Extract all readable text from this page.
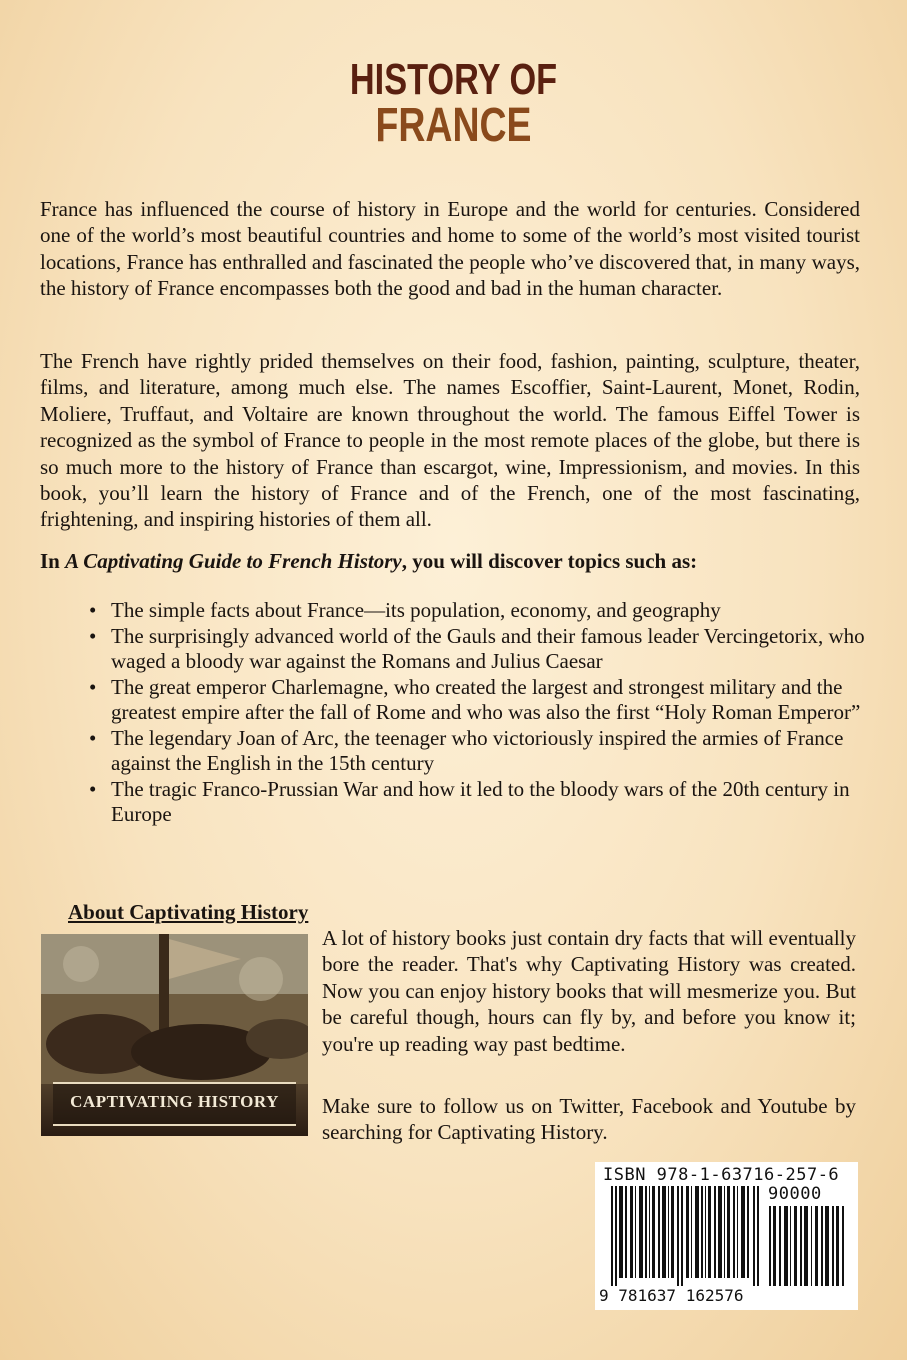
HISTORY OF
FRANCE

France has influenced the course of history in Europe and the world for centuries. Considered one of the world’s most beautiful countries and home to some of the world’s most visited tourist locations, France has enthralled and fascinated the people who’ve discovered that, in many ways, the history of France encompasses both the good and bad in the human character.

The French have rightly prided themselves on their food, fashion, painting, sculpture, theater, films, and literature, among much else. The names Escoffier, Saint-Laurent, Monet, Rodin, Moliere, Truffaut, and Voltaire are known throughout the world. The famous Eiffel Tower is recognized as the symbol of France to people in the most remote places of the globe, but there is so much more to the history of France than escargot, wine, Impressionism, and movies. In this book, you’ll learn the history of France and of the French, one of the most fascinating, frightening, and inspiring histories of them all.

In A Captivating Guide to French History, you will discover topics such as:

• The simple facts about France—its population, economy, and geography
• The surprisingly advanced world of the Gauls and their famous leader Vercingetorix, who waged a bloody war against the Romans and Julius Caesar
• The great emperor Charlemagne, who created the largest and strongest military and the greatest empire after the fall of Rome and who was also the first “Holy Roman Emperor”
• The legendary Joan of Arc, the teenager who victoriously inspired the armies of France against the English in the 15th century
• The tragic Franco-Prussian War and how it led to the bloody wars of the 20th century in Europe

About Captivating History

CAPTIVATING HISTORY

A lot of history books just contain dry facts that will eventually bore the reader. That's why Captivating History was created. Now you can enjoy history books that will mesmerize you. But be careful though, hours can fly by, and before you know it; you're up reading way past bedtime.

Make sure to follow us on Twitter, Facebook and Youtube by searching for Captivating History.

ISBN 978-1-63716-257-6
90000
9 781637 162576
